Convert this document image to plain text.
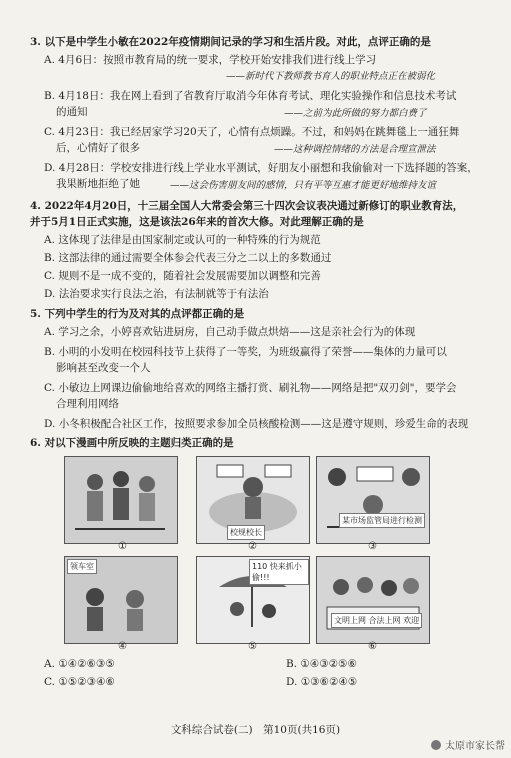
3. 以下是中学生小敏在2022年疫情期间记录的学习和生活片段。对此，点评正确的是
A. 4月6日：按照市教育局的统一要求，学校开始安排我们进行线上学习
——新时代下教师教书育人的职业特点正在被弱化
B. 4月18日：我在网上看到了省教育厅取消今年体育考试、理化实验操作和信息技术考试
的通知	——之前为此所做的努力都白费了
C. 4月23日：我已经居家学习20天了，心情有点烦躁。不过，和妈妈在跳舞毯上一通狂舞
后，心情好了很多	——这种调控情绪的方法是合理宣泄法
D. 4月28日：学校安排进行线上学业水平测试，好朋友小丽想和我偷偷对一下选择题的答案，
我果断地拒绝了她	——这会伤害朋友间的感情，只有平等互惠才能更好地维持友谊
4. 2022年4月20日，十三届全国人大常委会第三十四次会议表决通过新修订的职业教育法，
并于5月1日正式实施，这是该法26年来的首次大修。对此理解正确的是
A. 这体现了法律是由国家制定或认可的一种特殊的行为规范
B. 这部法律的通过需要全体参会代表三分之二以上的多数通过
C. 规则不是一成不变的，随着社会发展需要加以调整和完善
D. 法治要求实行良法之治，有法制就等于有法治
5. 下列中学生的行为及对其的点评都正确的是
A. 学习之余，小婷喜欢钻进厨房，自己动手做点烘焙——这是亲社会行为的体现
B. 小明的小发明在校园科技节上获得了一等奖，为班级赢得了荣誉——集体的力量可以
影响甚至改变一个人
C. 小敏边上网课边偷偷地给喜欢的网络主播打赏、刷礼物——网络是把"双刃剑"，要学会
合理利用网络
D. 小冬积极配合社区工作，按照要求参加全员核酸检测——这是遵守规则，珍爱生命的表现
6. 对以下漫画中所反映的主题归类正确的是
校规校长
某市场监管局进行检测
①	②	③
领车室	110 快来抓小偷!!!
文明上网 合法上网 欢迎
④	⑤	⑥
A. ①④②⑥③⑤	B. ①④③②⑤⑥
C. ①⑤②③④⑥	D. ①③⑥②④⑤
文科综合试卷(二)　第10页(共16页)
太原市家长帮
